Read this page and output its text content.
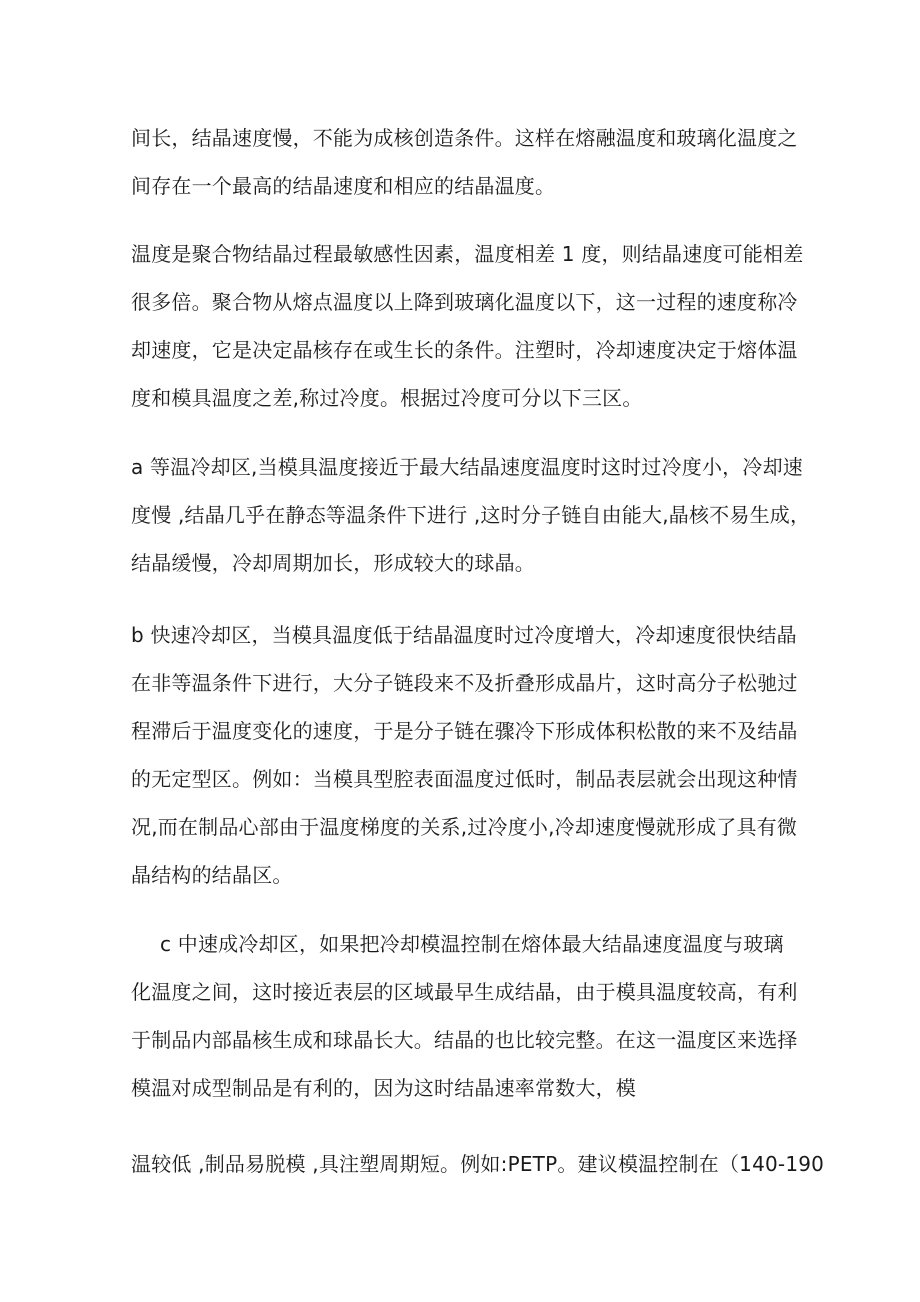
间长，结晶速度慢，不能为成核创造条件。这样在熔融温度和玻璃化温度之
间存在一个最高的结晶速度和相应的结晶温度。
温度是聚合物结晶过程最敏感性因素，温度相差 1 度，则结晶速度可能相差
很多倍。聚合物从熔点温度以上降到玻璃化温度以下，这一过程的速度称冷
却速度，它是决定晶核存在或生长的条件。注塑时，冷却速度决定于熔体温
度和模具温度之差,称过冷度。根据过冷度可分以下三区。
a 等温冷却区,当模具温度接近于最大结晶速度温度时这时过冷度小，冷却速
度慢 ,结晶几乎在静态等温条件下进行 ,这时分子链自由能大,晶核不易生成，
结晶缓慢，冷却周期加长，形成较大的球晶。
b 快速冷却区，当模具温度低于结晶温度时过冷度增大，冷却速度很快结晶
在非等温条件下进行，大分子链段来不及折叠形成晶片，这时高分子松驰过
程滞后于温度变化的速度，于是分子链在骤冷下形成体积松散的来不及结晶
的无定型区。例如：当模具型腔表面温度过低时，制品表层就会出现这种情
况,而在制品心部由于温度梯度的关系,过冷度小,冷却速度慢就形成了具有微
晶结构的结晶区。
c 中速成冷却区，如果把冷却模温控制在熔体最大结晶速度温度与玻璃
化温度之间，这时接近表层的区域最早生成结晶，由于模具温度较高，有利
于制品内部晶核生成和球晶长大。结晶的也比较完整。在这一温度区来选择
模温对成型制品是有利的，因为这时结晶速率常数大，模
温较低 ,制品易脱模 ,具注塑周期短。例如:PETP。建议模温控制在（140-190
